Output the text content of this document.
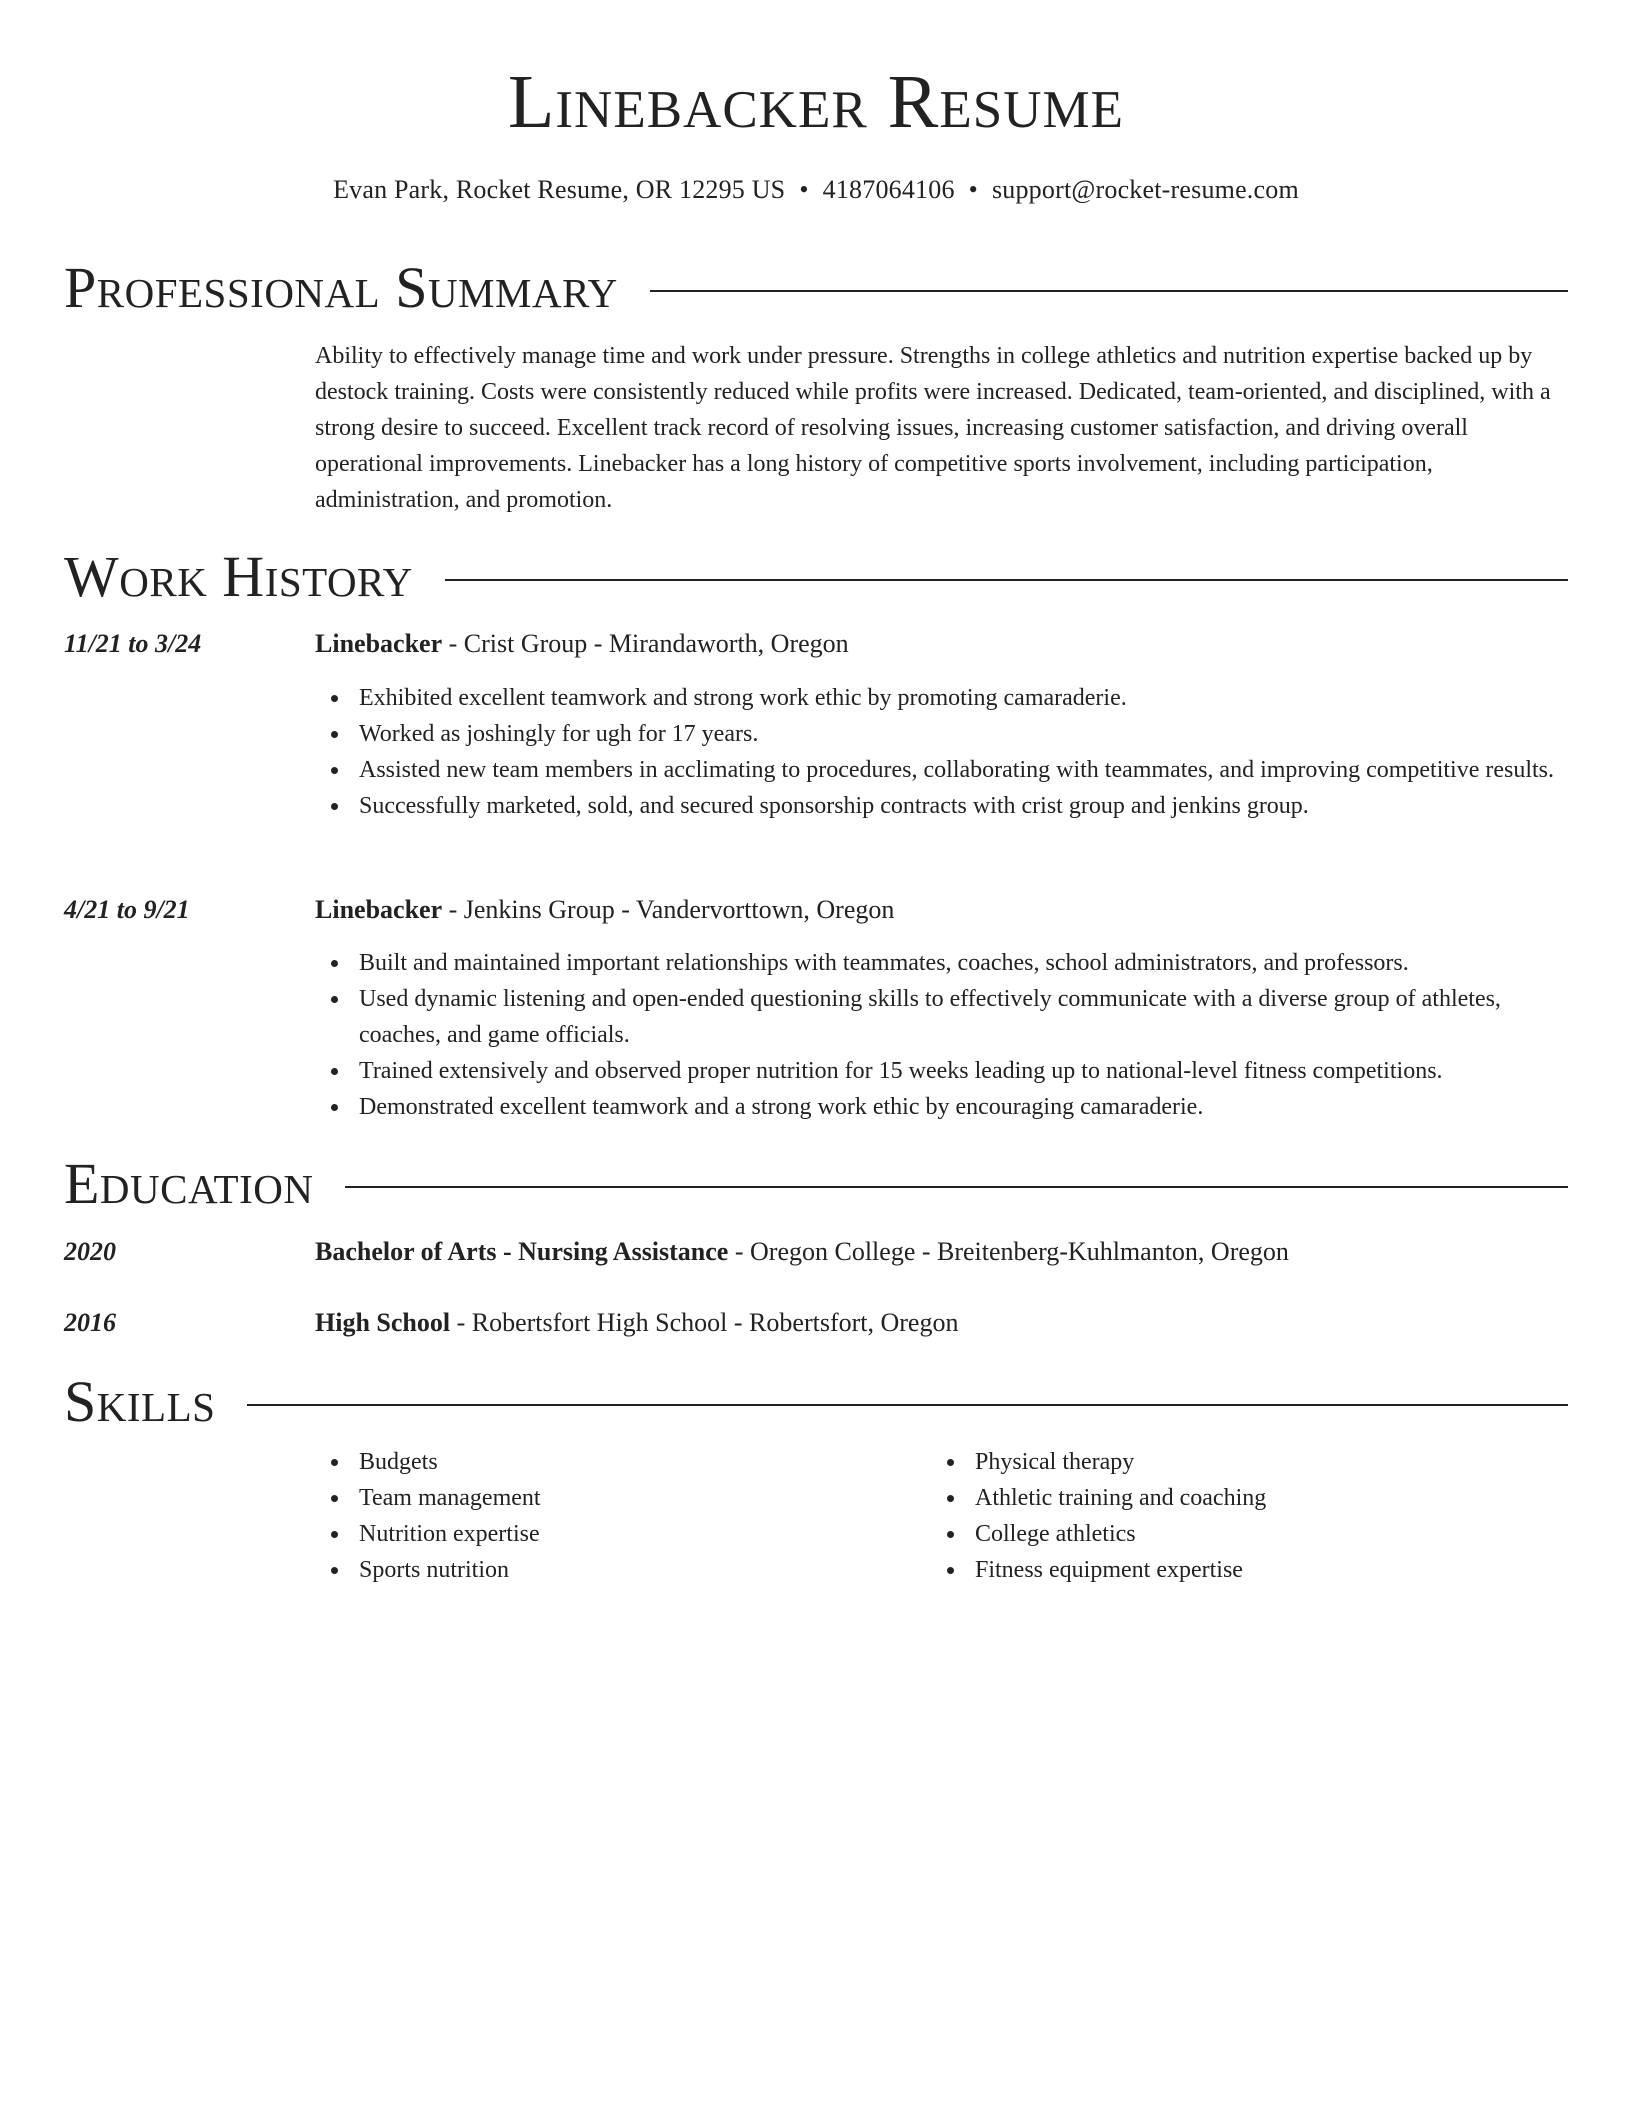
Linebacker Resume
Evan Park, Rocket Resume, OR 12295 US • 4187064106 • support@rocket-resume.com
Professional Summary
Ability to effectively manage time and work under pressure. Strengths in college athletics and nutrition expertise backed up by destock training. Costs were consistently reduced while profits were increased. Dedicated, team-oriented, and disciplined, with a strong desire to succeed. Excellent track record of resolving issues, increasing customer satisfaction, and driving overall operational improvements. Linebacker has a long history of competitive sports involvement, including participation, administration, and promotion.
Work History
11/21 to 3/24	Linebacker - Crist Group - Mirandaworth, Oregon
Exhibited excellent teamwork and strong work ethic by promoting camaraderie.
Worked as joshingly for ugh for 17 years.
Assisted new team members in acclimating to procedures, collaborating with teammates, and improving competitive results.
Successfully marketed, sold, and secured sponsorship contracts with crist group and jenkins group.
4/21 to 9/21	Linebacker - Jenkins Group - Vandervorttown, Oregon
Built and maintained important relationships with teammates, coaches, school administrators, and professors.
Used dynamic listening and open-ended questioning skills to effectively communicate with a diverse group of athletes, coaches, and game officials.
Trained extensively and observed proper nutrition for 15 weeks leading up to national-level fitness competitions.
Demonstrated excellent teamwork and a strong work ethic by encouraging camaraderie.
Education
2020	Bachelor of Arts - Nursing Assistance - Oregon College - Breitenberg-Kuhlmanton, Oregon
2016	High School - Robertsfort High School - Robertsfort, Oregon
Skills
Budgets
Team management
Nutrition expertise
Sports nutrition
Physical therapy
Athletic training and coaching
College athletics
Fitness equipment expertise
